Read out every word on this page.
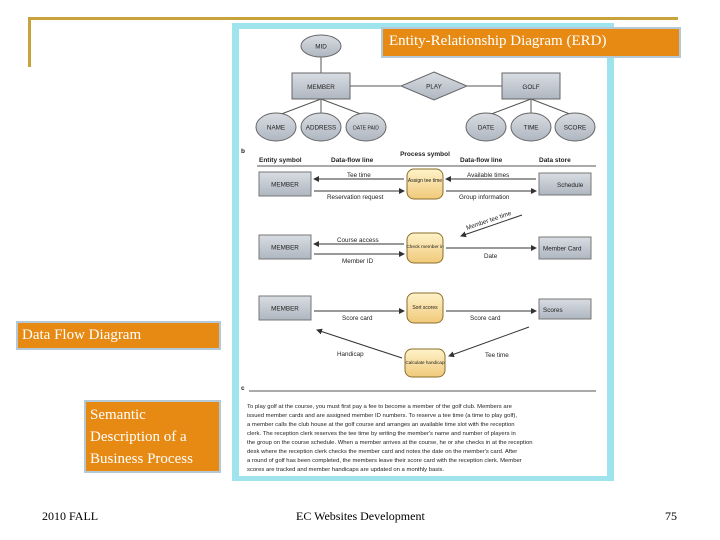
MID
MEMBER	PLAY	GOLF
NAME	ADDRESS	DATE PAID	DATE	TIME	SCORE
b
Entity symbol	Data-flow line
Process symbol
Data-flow line	Data store
MEMBER
Assign tee time
Schedule
Tee time
Reservation request
Available times
Group information
Member tee time
MEMBER	Check member in	Member Card
Course access
Member ID
Date
MEMBER	Sort scores	Scores
Score card	Score card
Calculate handicap
Handicap	Tee time
c
To play golf at the course, you must first pay a fee to become a member of the golf club. Members are
issued member cards and are assigned member ID numbers. To reserve a tee time (a time to play golf),
a member calls the club house at the golf course and arranges an available time slot with the reception
clerk. The reception clerk reserves the tee time by writing the member's name and number of players in
the group on the course schedule. When a member arrives at the course, he or she checks in at the reception
desk where the reception clerk checks the member card and notes the date on the member's card. After
a round of golf has been completed, the members leave their score card with the reception clerk. Member
scores are tracked and member handicaps are updated on a monthly basis.
Entity-Relationship Diagram (ERD)
Data Flow Diagram
Semantic Description of a Business Process
2010 FALL	EC Websites Development	75
